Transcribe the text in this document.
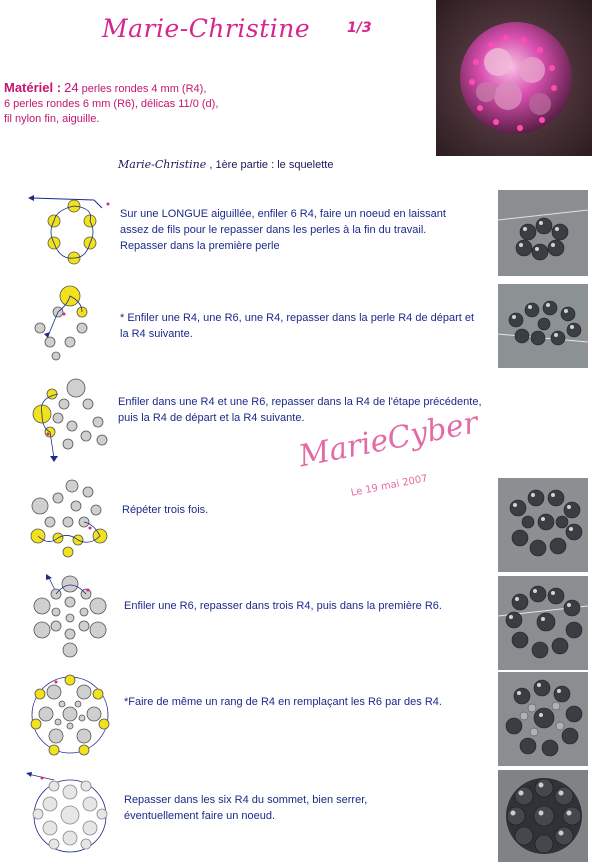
Marie-Christine	1/3
Matériel : 24 perles rondes 4 mm (R4),
6 perles rondes 6 mm (R6), délicas 11/0 (d),
fil nylon fin, aiguille.
Marie-Christine , 1ère partie : le squelette
Sur une LONGUE aiguillée, enfiler 6 R4, faire un noeud en laissant assez de fils pour le repasser dans les perles à la fin du travail. Repasser dans la première perle
* Enfiler une R4, une R6, une R4, repasser dans la perle R4 de départ et la R4 suivante.
Enfiler dans une R4 et une R6, repasser dans la R4 de l'étape précédente, puis la R4 de départ et la R4 suivante.
MarieCyber
Le 19 mai 2007
Répéter trois fois.
Enfiler une R6, repasser dans trois R4, puis dans la première R6.
*Faire de même un rang de R4 en remplaçant les R6 par des R4.
Repasser dans les six R4 du sommet, bien serrer, éventuellement faire un noeud.
